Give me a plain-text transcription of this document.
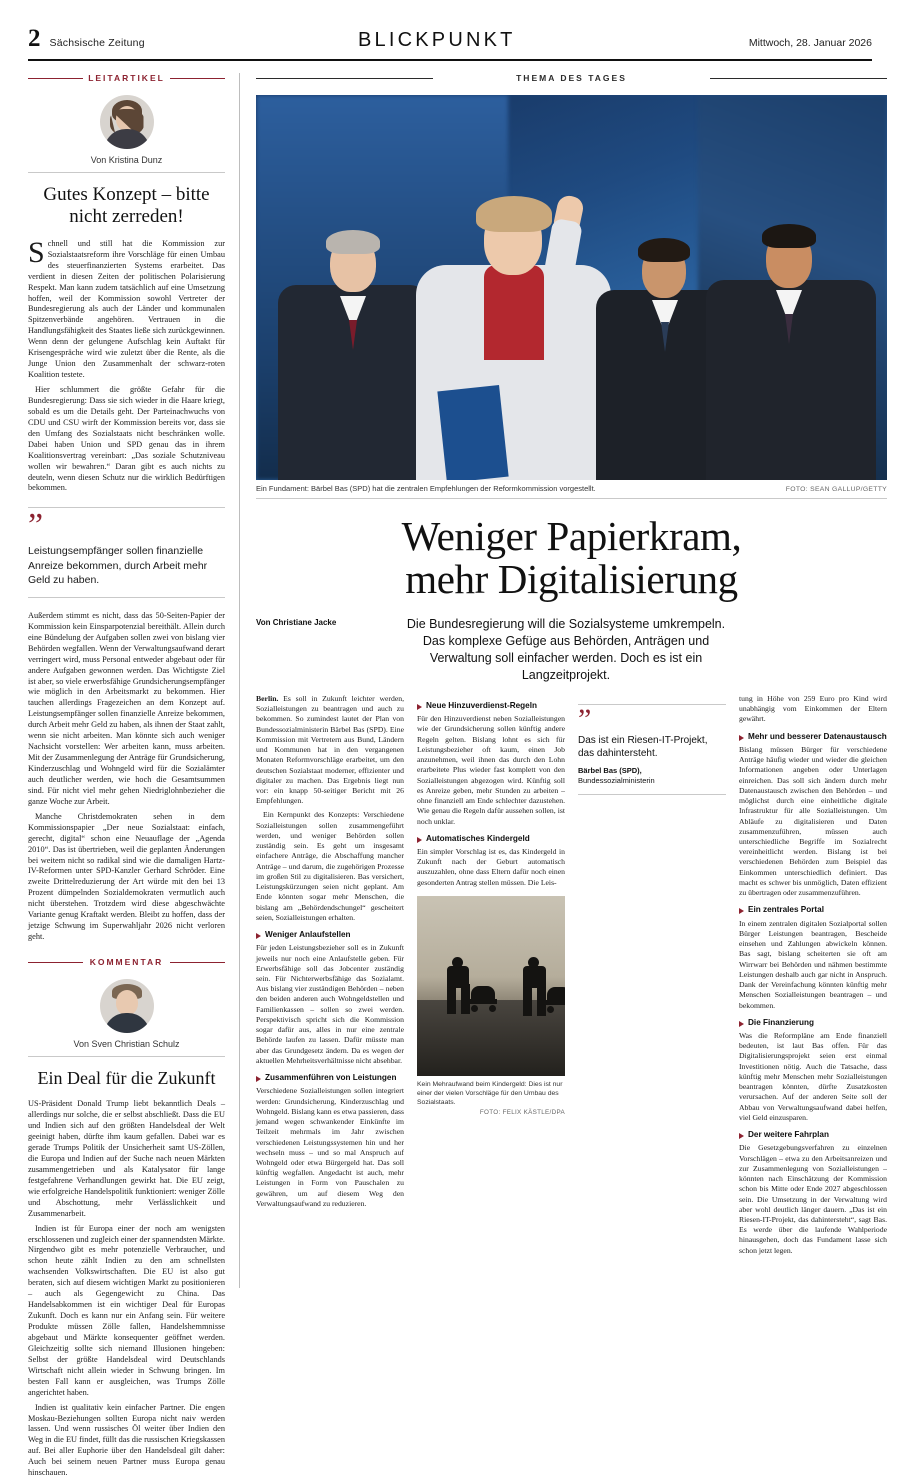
2 Sächsische Zeitung	BLICKPUNKT	Mittwoch, 28. Januar 2026
LEITARTIKEL
Von Kristina Dunz
Gutes Konzept – bitte nicht zerreden!

Schnell und still hat die Kommission zur Sozialstaatsreform ihre Vorschläge für einen Umbau des steuerfinanzierten Systems erarbeitet. Das verdient in diesen Zeiten der politischen Polarisierung Respekt. Man kann zudem tatsächlich auf eine Umsetzung hoffen, weil der Kommission sowohl Vertreter der Bundesregierung als auch der Länder und kommunalen Spitzenverbände angehören. Vertrauen in die Handlungsfähigkeit des Staates ließe sich zurückgewinnen. Wenn denn der gelungene Aufschlag kein Auftakt für Krisengespräche wird wie zuletzt über die Rente, als die Junge Union den Zusammenhalt der schwarz-roten Koalition testete.

Hier schlummert die größte Gefahr für die Bundesregierung: Dass sie sich wieder in die Haare kriegt, sobald es um die Details geht. Der Parteinachwuchs von CDU und CSU wirft der Kommission bereits vor, dass sie den Umfang des Sozialstaats nicht beschränken wolle. Dabei haben Union und SPD genau das in ihrem Koalitionsvertrag vereinbart: „Das soziale Schutzniveau wollen wir bewahren.“ Daran gibt es auch nichts zu deuteln, wenn diesen Schutz nur die wirklich Bedürftigen bekommen.

”
Leistungsempfänger sollen finanzielle Anreize bekommen, durch Arbeit mehr Geld zu haben.

Außerdem stimmt es nicht, dass das 50-Seiten-Papier der Kommission kein Einsparpotenzial bereithält. Allein durch eine Bündelung der Aufgaben sollen zwei von bislang vier Behörden wegfallen. Wenn der Verwaltungsaufwand derart verringert wird, muss Personal entweder abgebaut oder für andere Aufgaben gewonnen werden. Das Wichtigste Ziel ist aber, so viele erwerbsfähige Grundsicherungsempfänger wie möglich in den Arbeitsmarkt zu bekommen. Hier tauchen allerdings Fragezeichen an dem Konzept auf. Leistungsempfänger sollen finanzielle Anreize bekommen, durch Arbeit mehr Geld zu haben, als ihnen der Staat zahlt, wenn sie nicht arbeiten. Man könnte sich auch weniger Nachsicht vorstellen: Wer arbeiten kann, muss arbeiten. Mit der Zusammenlegung der Anträge für Grundsicherung, Kinderzuschlag und Wohngeld wird für die Sozialämter auch deutlicher werden, wie hoch die Gesamtsummen sind. Für nicht viel mehr gehen Niedriglohnbezieher die ganze Woche zur Arbeit.

Manche Christdemokraten sehen in dem Kommissionspapier „Der neue Sozialstaat: einfach, gerecht, digital“ schon eine Neuauflage der „Agenda 2010“. Das ist übertrieben, weil die geplanten Änderungen bei weitem nicht so radikal sind wie die damaligen Hartz-IV-Reformen unter SPD-Kanzler Gerhard Schröder. Eine zweite Drittelreduzierung der Art würde mit den bei 13 Prozent dümpelnden Sozialdemokraten vermutlich auch nicht überstehen. Trotzdem wird diese abgeschwächte Variante genug Kraftakt werden. Bleibt zu hoffen, dass der jetzige Schwung im Superwahljahr 2026 nicht verloren geht.

KOMMENTAR
Von Sven Christian Schulz
Ein Deal für die Zukunft

US-Präsident Donald Trump liebt bekanntlich Deals – allerdings nur solche, die er selbst abschließt. Dass die EU und Indien sich auf den größten Handelsdeal der Welt geeinigt haben, dürfte ihm kaum gefallen. Dabei war es gerade Trumps Politik der Unsicherheit samt US-Zöllen, die Europa und Indien auf der Suche nach neuen Märkten zusammengetrieben und als Katalysator für lange festgefahrene Verhandlungen gewirkt hat. Die EU zeigt, wie erfolgreiche Handelspolitik funktioniert: weniger Zölle und Abschottung, mehr Verlässlichkeit und Zusammenarbeit.

Indien ist für Europa einer der noch am wenigsten erschlossenen und zugleich einer der spannendsten Märkte. Nirgendwo gibt es mehr potenzielle Verbraucher, und schon heute zählt Indien zu den am schnellsten wachsenden Volkswirtschaften. Die EU ist also gut beraten, sich auf diesem wichtigen Markt zu positionieren – auch als Gegengewicht zu China. Das Handelsabkommen ist ein wichtiger Deal für Europas Zukunft. Doch es kann nur ein Anfang sein. Für weitere Produkte müssen Zölle fallen, Handelshemmnisse abgebaut und Märkte konsequenter geöffnet werden. Gleichzeitig sollte sich niemand Illusionen hingeben: Selbst der größte Handelsdeal wird Deutschlands Wirtschaft nicht allein wieder in Schwung bringen. Im besten Fall kann er ausgleichen, was Trumps Zölle angerichtet haben.

Indien ist qualitativ kein einfacher Partner. Die engen Moskau-Beziehungen sollten Europa nicht naiv werden lassen. Und wenn russisches Öl weiter über Indien den Weg in die EU findet, füllt das die russischen Kriegskassen auf. Bei aller Euphorie über den Handelsdeal gilt daher: Auch bei seinem neuen Partner muss Europa genau hinschauen.

THEMA DES TAGES
Ein Fundament: Bärbel Bas (SPD) hat die zentralen Empfehlungen der Reformkommission vorgestellt.	FOTO: SEAN GALLUP/GETTY
Weniger Papierkram,
mehr Digitalisierung
Von Christiane Jacke	Die Bundesregierung will die Sozialsysteme umkrempeln. Das komplexe Gefüge aus Behörden, Anträgen und Verwaltung soll einfacher werden. Doch es ist ein Langzeitprojekt.

Berlin. Es soll in Zukunft leichter werden, Sozialleistungen zu beantragen und auch zu bekommen. So zumindest lautet der Plan von Bundessozialministerin Bärbel Bas (SPD). Eine Kommission mit Vertretern aus Bund, Ländern und Kommunen hat in den vergangenen Monaten Reformvorschläge erarbeitet, um den deutschen Sozialstaat moderner, effizienter und digitaler zu machen. Das Ergebnis liegt nun vor: ein knapp 50-seitiger Bericht mit 26 Empfehlungen.

Ein Kernpunkt des Konzepts: Verschiedene Sozialleistungen sollen zusammengeführt werden, und weniger Behörden sollen zuständig sein. Es geht um insgesamt einfachere Anträge, die Abschaffung mancher Anträge – und darum, die zugehörigen Prozesse im großen Stil zu digitalisieren. Bas versichert, Leistungskürzungen seien nicht geplant. Am Ende könnten sogar mehr Menschen, die bislang am „Behördendschungel“ gescheitert seien, Sozialleistungen erhalten.

Weniger Anlaufstellen

Für jeden Leistungsbezieher soll es in Zukunft jeweils nur noch eine Anlaufstelle geben. Für Erwerbsfähige soll das Jobcenter zuständig sein. Für Nichterwerbsfähige das Sozialamt. Aus bislang vier zuständigen Behörden – neben den beiden anderen auch Wohngeldstellen und Familienkassen – sollen so zwei werden. Perspektivisch spricht sich die Kommission sogar dafür aus, alles in nur eine zentrale Behörde laufen zu lassen. Dafür müsste man aber das Grundgesetz ändern. Da es wegen der aktuellen Mehrheitsverhältnisse nicht absehbar.

Zusammenführen von Leistungen

Verschiedene Sozialleistungen sollen integriert werden: Grundsicherung, Kinderzuschlag und Wohngeld. Bislang kann es etwa passieren, dass jemand wegen schwankender Einkünfte im Teilzeit mehrmals im Jahr zwischen verschiedenen Leistungssystemen hin und her wechseln muss – und so mal Anspruch auf Wohngeld oder etwa Bürgergeld hat. Das soll künftig wegfallen. Angedacht ist auch, mehr Leistungen in Form von Pauschalen zu gewähren, um auf diesem Weg den Verwaltungsaufwand zu reduzieren.

Neue Hinzuverdienst-Regeln

Für den Hinzuverdienst neben Sozialleistungen wie der Grundsicherung sollen künftig andere Regeln gelten. Bislang lohnt es sich für Leistungsbezieher oft kaum, einen Job anzunehmen, weil ihnen das durch den Lohn erarbeitete Plus wieder fast komplett von den Sozialleistungen abgezogen wird. Künftig soll es Anreize geben, mehr Stunden zu arbeiten – ohne finanziell am Ende schlechter dazustehen. Wie genau die Regeln dafür aussehen sollen, ist noch unklar.

Automatisches Kindergeld

Ein simpler Vorschlag ist es, das Kindergeld in Zukunft nach der Geburt automatisch auszuzahlen, ohne dass Eltern dafür noch einen gesonderten Antrag stellen müssen. Die Leis-

Kein Mehraufwand beim Kindergeld: Dies ist nur einer der vielen Vorschläge für den Umbau des Sozialstaats.
FOTO: FELIX KÄSTLE/DPA
”
Das ist ein Riesen-IT-Projekt, das dahintersteht.
Bärbel Bas (SPD),
Bundessozialministerin

tung in Höhe von 259 Euro pro Kind wird unabhängig vom Einkommen der Eltern gewährt.

Mehr und besserer Datenaustausch

Bislang müssen Bürger für verschiedene Anträge häufig wieder und wieder die gleichen Informationen angeben oder Unterlagen einreichen. Das soll sich ändern durch mehr Datenaustausch zwischen den Behörden – und möglichst durch eine einheitliche digitale Infrastruktur für alle Sozialleistungen. Um Abläufe zu digitalisieren und Daten zusammenzuführen, müssen auch unterschiedliche Begriffe im Sozialrecht vereinheitlicht werden. Bislang ist bei verschiedenen Behörden zum Beispiel das Einkommen unterschiedlich definiert. Das macht es schwer bis unmöglich, Daten effizient zu übertragen oder zusammenzuführen.

Ein zentrales Portal

In einem zentralen digitalen Sozialportal sollen Bürger Leistungen beantragen, Bescheide einsehen und Zahlungen abwickeln können. Bas sagt, bislang scheiterten sie oft am Wirrwarr bei Behörden und nähmen bestimmte Leistungen deshalb auch gar nicht in Anspruch. Dank der Vereinfachung könnten künftig mehr Menschen Sozialleistungen beantragen – und bekommen.

Die Finanzierung

Was die Reformpläne am Ende finanziell bedeuten, ist laut Bas offen. Für das Digitalisierungsprojekt seien erst einmal Investitionen nötig. Auch die Tatsache, dass künftig mehr Menschen mehr Sozialleistungen beantragen könnten, dürfte Zusatzkosten verursachen. Auf der anderen Seite soll der Abbau von Verwaltungsaufwand dabei helfen, viel Geld einzusparen.

Der weitere Fahrplan

Die Gesetzgebungsverfahren zu einzelnen Vorschlägen – etwa zu den Arbeitsanreizen und zur Zusammenlegung von Sozialleistungen – könnten nach Einschätzung der Kommission schon bis Mitte oder Ende 2027 abgeschlossen sein. Die Umsetzung in der Verwaltung wird aber wohl deutlich länger dauern. „Das ist ein Riesen-IT-Projekt, das dahintersteht“, sagt Bas. Es werde über die laufende Wahlperiode hinausgehen, doch das Fundament lasse sich schon jetzt legen.
